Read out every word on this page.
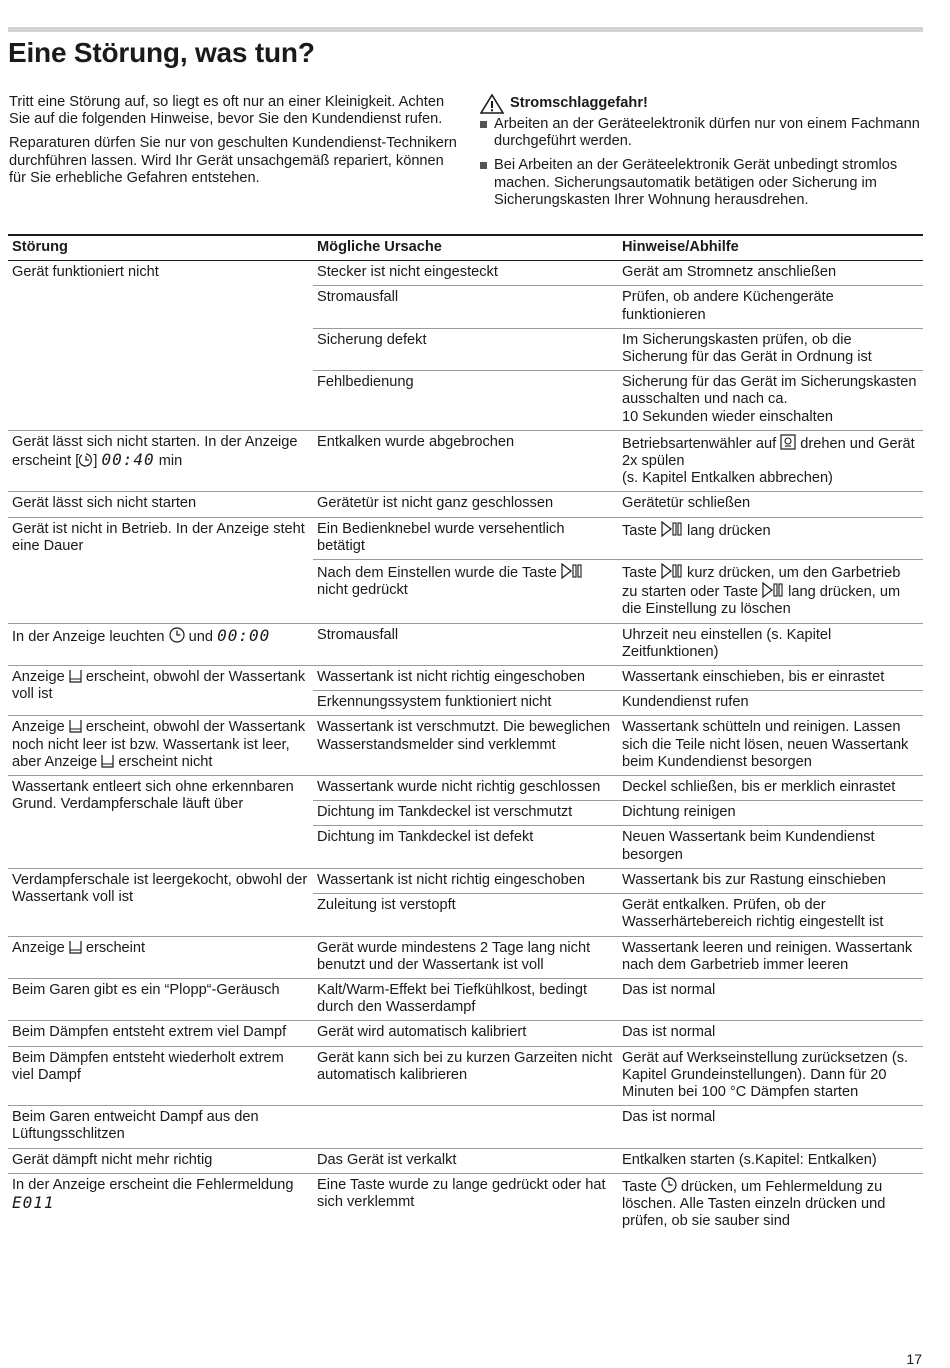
Eine Störung, was tun?

Tritt eine Störung auf, so liegt es oft nur an einer Kleinigkeit. Achten Sie auf die folgenden Hinweise, bevor Sie den Kundendienst rufen.

Reparaturen dürfen Sie nur von geschulten Kundendienst-Technikern durchführen lassen. Wird Ihr Gerät unsachgemäß repariert, können für Sie erhebliche Gefahren entstehen.

Stromschlaggefahr!
Arbeiten an der Geräteelektronik dürfen nur von einem Fachmann durchgeführt werden.
Bei Arbeiten an der Geräteelektronik Gerät unbedingt stromlos machen. Sicherungsautomatik betätigen oder Sicherung im Sicherungskasten Ihrer Wohnung herausdrehen.
Störung	Mögliche Ursache	Hinweise/Abhilfe
Gerät funktioniert nicht	Stecker ist nicht eingesteckt	Gerät am Stromnetz anschließen
	Stromausfall	Prüfen, ob andere Küchengeräte funktionieren
	Sicherung defekt	Im Sicherungskasten prüfen, ob die Sicherung für das Gerät in Ordnung ist
	Fehlbedienung	Sicherung für das Gerät im Sicherungskasten ausschalten und nach ca.
10 Sekunden wieder einschalten
Gerät lässt sich nicht starten. In der Anzeige erscheint [ ] 00:40 min	Entkalken wurde abgebrochen	Betriebsartenwähler auf drehen und Gerät 2x spülen
(s. Kapitel Entkalken abbrechen)
Gerät lässt sich nicht starten	Gerätetür ist nicht ganz geschlossen	Gerätetür schließen
Gerät ist nicht in Betrieb. In der Anzeige steht eine Dauer	Ein Bedienknebel wurde versehentlich betätigt	Taste lang drücken
	Nach dem Einstellen wurde die Taste  nicht gedrückt	Taste kurz drücken, um den Garbetrieb zu starten oder Taste lang drücken, um die Einstellung zu löschen
In der Anzeige leuchten und 00:00	Stromausfall	Uhrzeit neu einstellen (s. Kapitel Zeitfunktionen)
Anzeige erscheint, obwohl der Wassertank voll ist	Wassertank ist nicht richtig eingeschoben	Wassertank einschieben, bis er einrastet
	Erkennungssystem funktioniert nicht	Kundendienst rufen
Anzeige erscheint, obwohl der Wassertank noch nicht leer ist bzw. Wassertank ist leer, aber Anzeige erscheint nicht	Wassertank ist verschmutzt. Die beweglichen Wasserstandsmelder sind verklemmt	Wassertank schütteln und reinigen. Lassen sich die Teile nicht lösen, neuen Wassertank beim Kundendienst besorgen
Wassertank entleert sich ohne erkennbaren Grund. Verdampferschale läuft über	Wassertank wurde nicht richtig geschlossen	Deckel schließen, bis er merklich einrastet
	Dichtung im Tankdeckel ist verschmutzt	Dichtung reinigen
	Dichtung im Tankdeckel ist defekt	Neuen Wassertank beim Kundendienst besorgen
Verdampferschale ist leergekocht, obwohl der Wassertank voll ist	Wassertank ist nicht richtig eingeschoben	Wassertank bis zur Rastung einschieben
	Zuleitung ist verstopft	Gerät entkalken. Prüfen, ob der Wasserhärtebereich richtig eingestellt ist
Anzeige erscheint	Gerät wurde mindestens 2 Tage lang nicht benutzt und der Wassertank ist voll	Wassertank leeren und reinigen. Wassertank nach dem Garbetrieb immer leeren
Beim Garen gibt es ein “Plopp“-Geräusch	Kalt/Warm-Effekt bei Tiefkühlkost, bedingt durch den Wasserdampf	Das ist normal
Beim Dämpfen entsteht extrem viel Dampf	Gerät wird automatisch kalibriert	Das ist normal
Beim Dämpfen entsteht wiederholt extrem viel Dampf	Gerät kann sich bei zu kurzen Garzeiten nicht automatisch kalibrieren	Gerät auf Werkseinstellung zurücksetzen (s. Kapitel Grundeinstellungen). Dann für 20 Minuten bei 100 °C Dämpfen starten
Beim Garen entweicht Dampf aus den Lüftungsschlitzen		Das ist normal
Gerät dämpft nicht mehr richtig	Das Gerät ist verkalkt	Entkalken starten (s.Kapitel: Entkalken)
In der Anzeige erscheint die Fehlermeldung E011	Eine Taste wurde zu lange gedrückt oder hat sich verklemmt	Taste drücken, um Fehlermeldung zu löschen. Alle Tasten einzeln drücken und prüfen, ob sie sauber sind
17
